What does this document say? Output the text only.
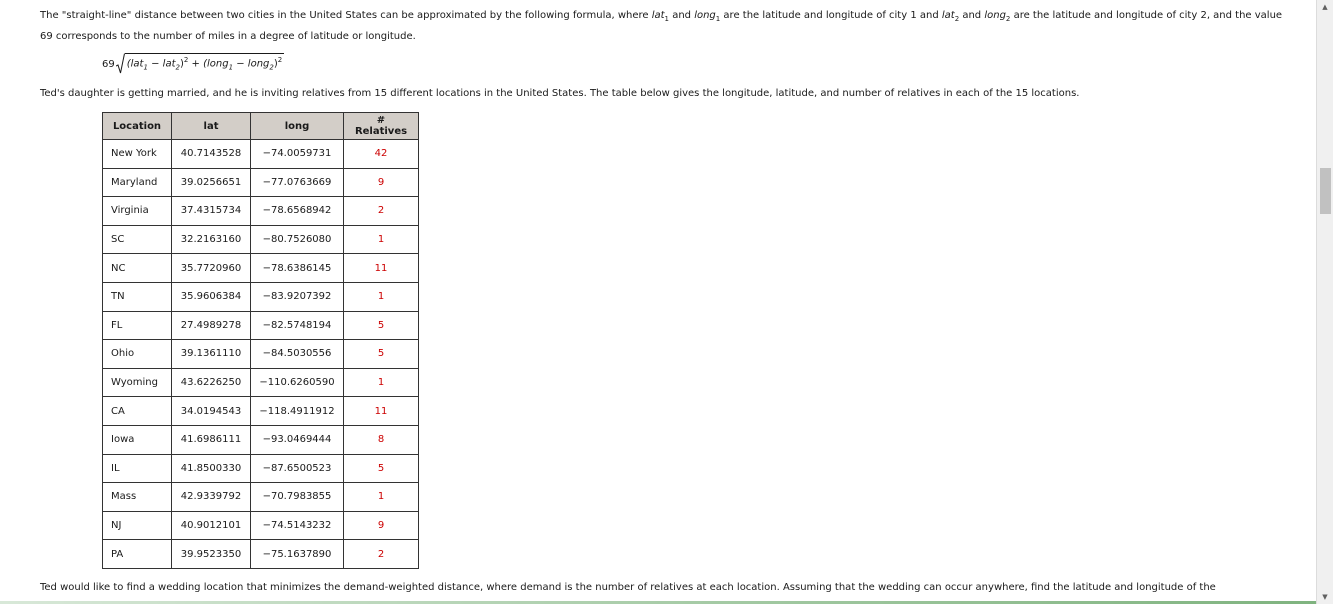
The "straight-line" distance between two cities in the United States can be approximated by the following formula, where lat$_1$ and long$_1$ are the latitude and longitude of city 1 and lat$_2$ and long$_2$ are the latitude and longitude of city 2, and the value 69 corresponds to the number of miles in a degree of latitude or longitude.

69 $(lat_1 - lat_2)^2$ + (long$_1$ − long$_2$)$^2$

Ted's daughter is getting married, and he is inviting relatives from 15 different locations in the United States. The table below gives the longitude, latitude, and number of relatives in each of the 15 locations.

Location	lat	long	# Relatives
New York	40.7143528	−74.0059731	42
Maryland	39.0256651	−77.0763669	9
Virginia	37.4315734	−78.6568942	2
SC	32.2163160	−80.7526080	1
NC	35.7720960	−78.6386145	11
TN	35.9606384	−83.9207392	1
FL	27.4989278	−82.5748194	5
Ohio	39.1361110	−84.5030556	5
Wyoming	43.6226250	−110.6260590	1
CA	34.0194543	−118.4911912	11
Iowa	41.6986111	−93.0469444	8
IL	41.8500330	−87.6500523	5
Mass	42.9339792	−70.7983855	1
NJ	40.9012101	−74.5143232	9
PA	39.9523350	−75.1637890	2

Ted would like to find a wedding location that minimizes the demand-weighted distance, where demand is the number of relatives at each location. Assuming that the wedding can occur anywhere, find the latitude and longitude of the

▲
▼
